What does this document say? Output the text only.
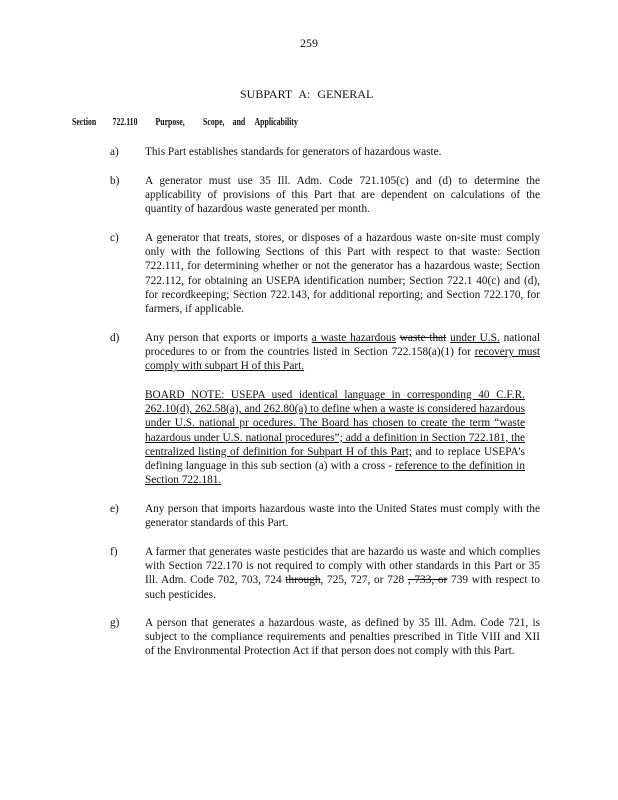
259
SUBPART A: GENERAL
Section 722.110 Purpose, Scope, and Applicability
a) This Part establishes standards for generators of hazardous waste.
b) A generator must use 35 Ill. Adm. Code 721.105(c) and (d) to determine the applicability of provisions of this Part that are dependent on calculations of the quantity of hazardous waste generated per month.
c) A generator that treats, stores, or disposes of a hazardous waste on-site must comply only with the following Sections of this Part with respect to that waste: Section 722.111, for determining whether or not the generator has a hazardous waste; Section 722.112, for obtaining an USEPA identification number; Section 722.1 40(c) and (d), for recordkeeping; Section 722.143, for additional reporting; and Section 722.170, for farmers, if applicable.
d) Any person that exports or imports a waste hazardous waste that under U.S. national procedures to or from the countries listed in Section 722.158(a)(1) for recovery must comply with subpart H of this Part.
BOARD NOTE: USEPA used identical language in corresponding 40 C.F.R. 262.10(d), 262.58(a), and 262.80(a) to define when a waste is considered hazardous under U.S. national pr ocedures. The Board has chosen to create the term “waste hazardous under U.S. national procedures”; add a definition in Section 722.181, the centralized listing of definition for Subpart H of this Part; and to replace USEPA’s defining language in this sub section (a) with a cross - reference to the definition in Section 722.181.
e) Any person that imports hazardous waste into the United States must comply with the generator standards of this Part.
f) A farmer that generates waste pesticides that are hazardo us waste and which complies with Section 722.170 is not required to comply with other standards in this Part or 35 Ill. Adm. Code 702, 703, 724 through, 725, 727, or 728 , 733, or 739 with respect to such pesticides.
g) A person that generates a hazardous waste, as defined by 35 Ill. Adm. Code 721, is subject to the compliance requirements and penalties prescribed in Title VIII and XII of the Environmental Protection Act if that person does not comply with this Part.
